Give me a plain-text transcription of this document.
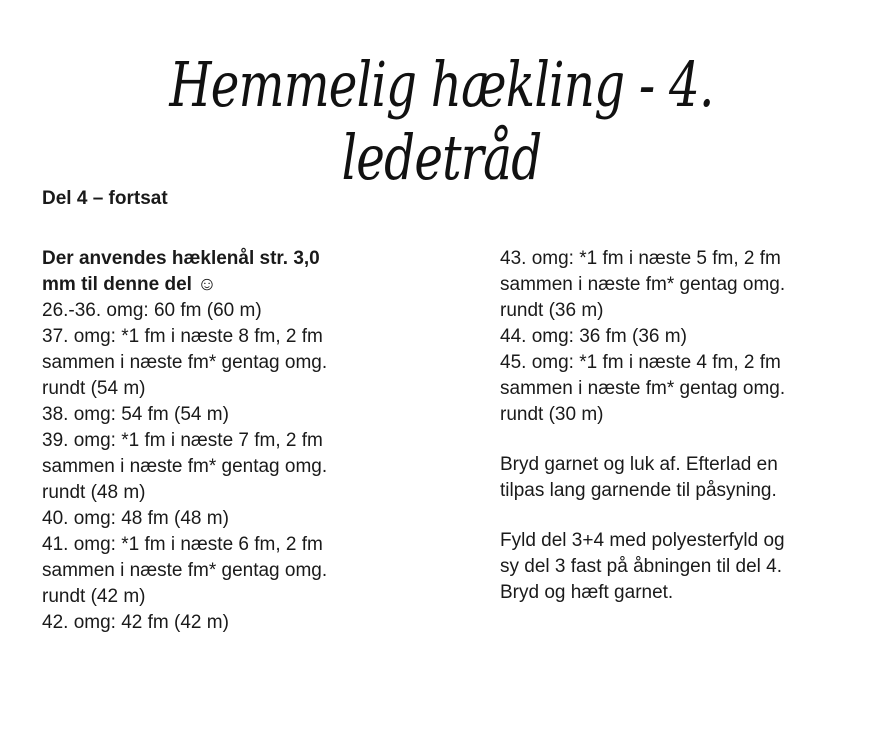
Hemmelig hækling - 4. ledetråd
Del 4 – fortsat

Der anvendes hæklenål str. 3,0
mm til denne del ☺

26.-36. omg: 60 fm (60 m)

37. omg: *1 fm i næste 8 fm, 2 fm
sammen i næste fm* gentag omg.
rundt (54 m)

38. omg: 54 fm (54 m)

39. omg: *1 fm i næste 7 fm, 2 fm
sammen i næste fm* gentag omg.
rundt (48 m)

40. omg: 48 fm (48 m)

41. omg: *1 fm i næste 6 fm, 2 fm
sammen i næste fm* gentag omg.
rundt (42 m)

42. omg: 42 fm (42 m)

43. omg: *1 fm i næste 5 fm, 2 fm
sammen i næste fm* gentag omg.
rundt (36 m)

44. omg: 36 fm (36 m)

45. omg: *1 fm i næste 4 fm, 2 fm
sammen i næste fm* gentag omg.
rundt (30 m)

Bryd garnet og luk af. Efterlad en
tilpas lang garnende til påsyning.

Fyld del 3+4 med polyesterfyld og
sy del 3 fast på åbningen til del 4.
Bryd og hæft garnet.
